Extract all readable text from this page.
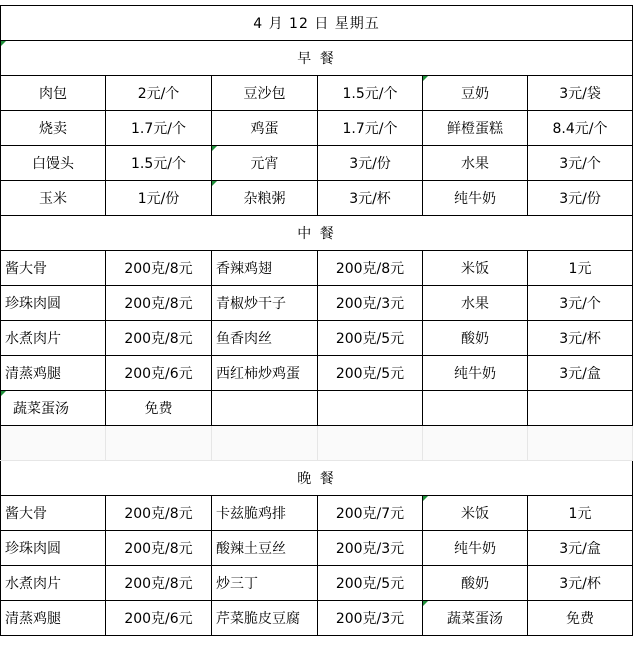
4 月 12 日 星期五					
早 餐					
肉包	2元/个	豆沙包	1.5元/个	豆奶	3元/袋
烧卖	1.7元/个	鸡蛋	1.7元/个	鲜橙蛋糕	8.4元/个
白馒头	1.5元/个	元宵	3元/份	水果	3元/个
玉米	1元/份	杂粮粥	3元/杯	纯牛奶	3元/份
中 餐					
酱大骨	200克/8元	香辣鸡翅	200克/8元	米饭	1元
珍珠肉圆	200克/8元	青椒炒干子	200克/3元	水果	3元/个
水煮肉片	200克/8元	鱼香肉丝	200克/5元	酸奶	3元/杯
清蒸鸡腿	200克/6元	西红柿炒鸡蛋	200克/5元	纯牛奶	3元/盒
蔬菜蛋汤	免费				

晚 餐					
酱大骨	200克/8元	卡兹脆鸡排	200克/7元	米饭	1元
珍珠肉圆	200克/8元	酸辣土豆丝	200克/3元	纯牛奶	3元/盒
水煮肉片	200克/8元	炒三丁	200克/5元	酸奶	3元/杯
清蒸鸡腿	200克/6元	芹菜脆皮豆腐	200克/3元	蔬菜蛋汤	免费
